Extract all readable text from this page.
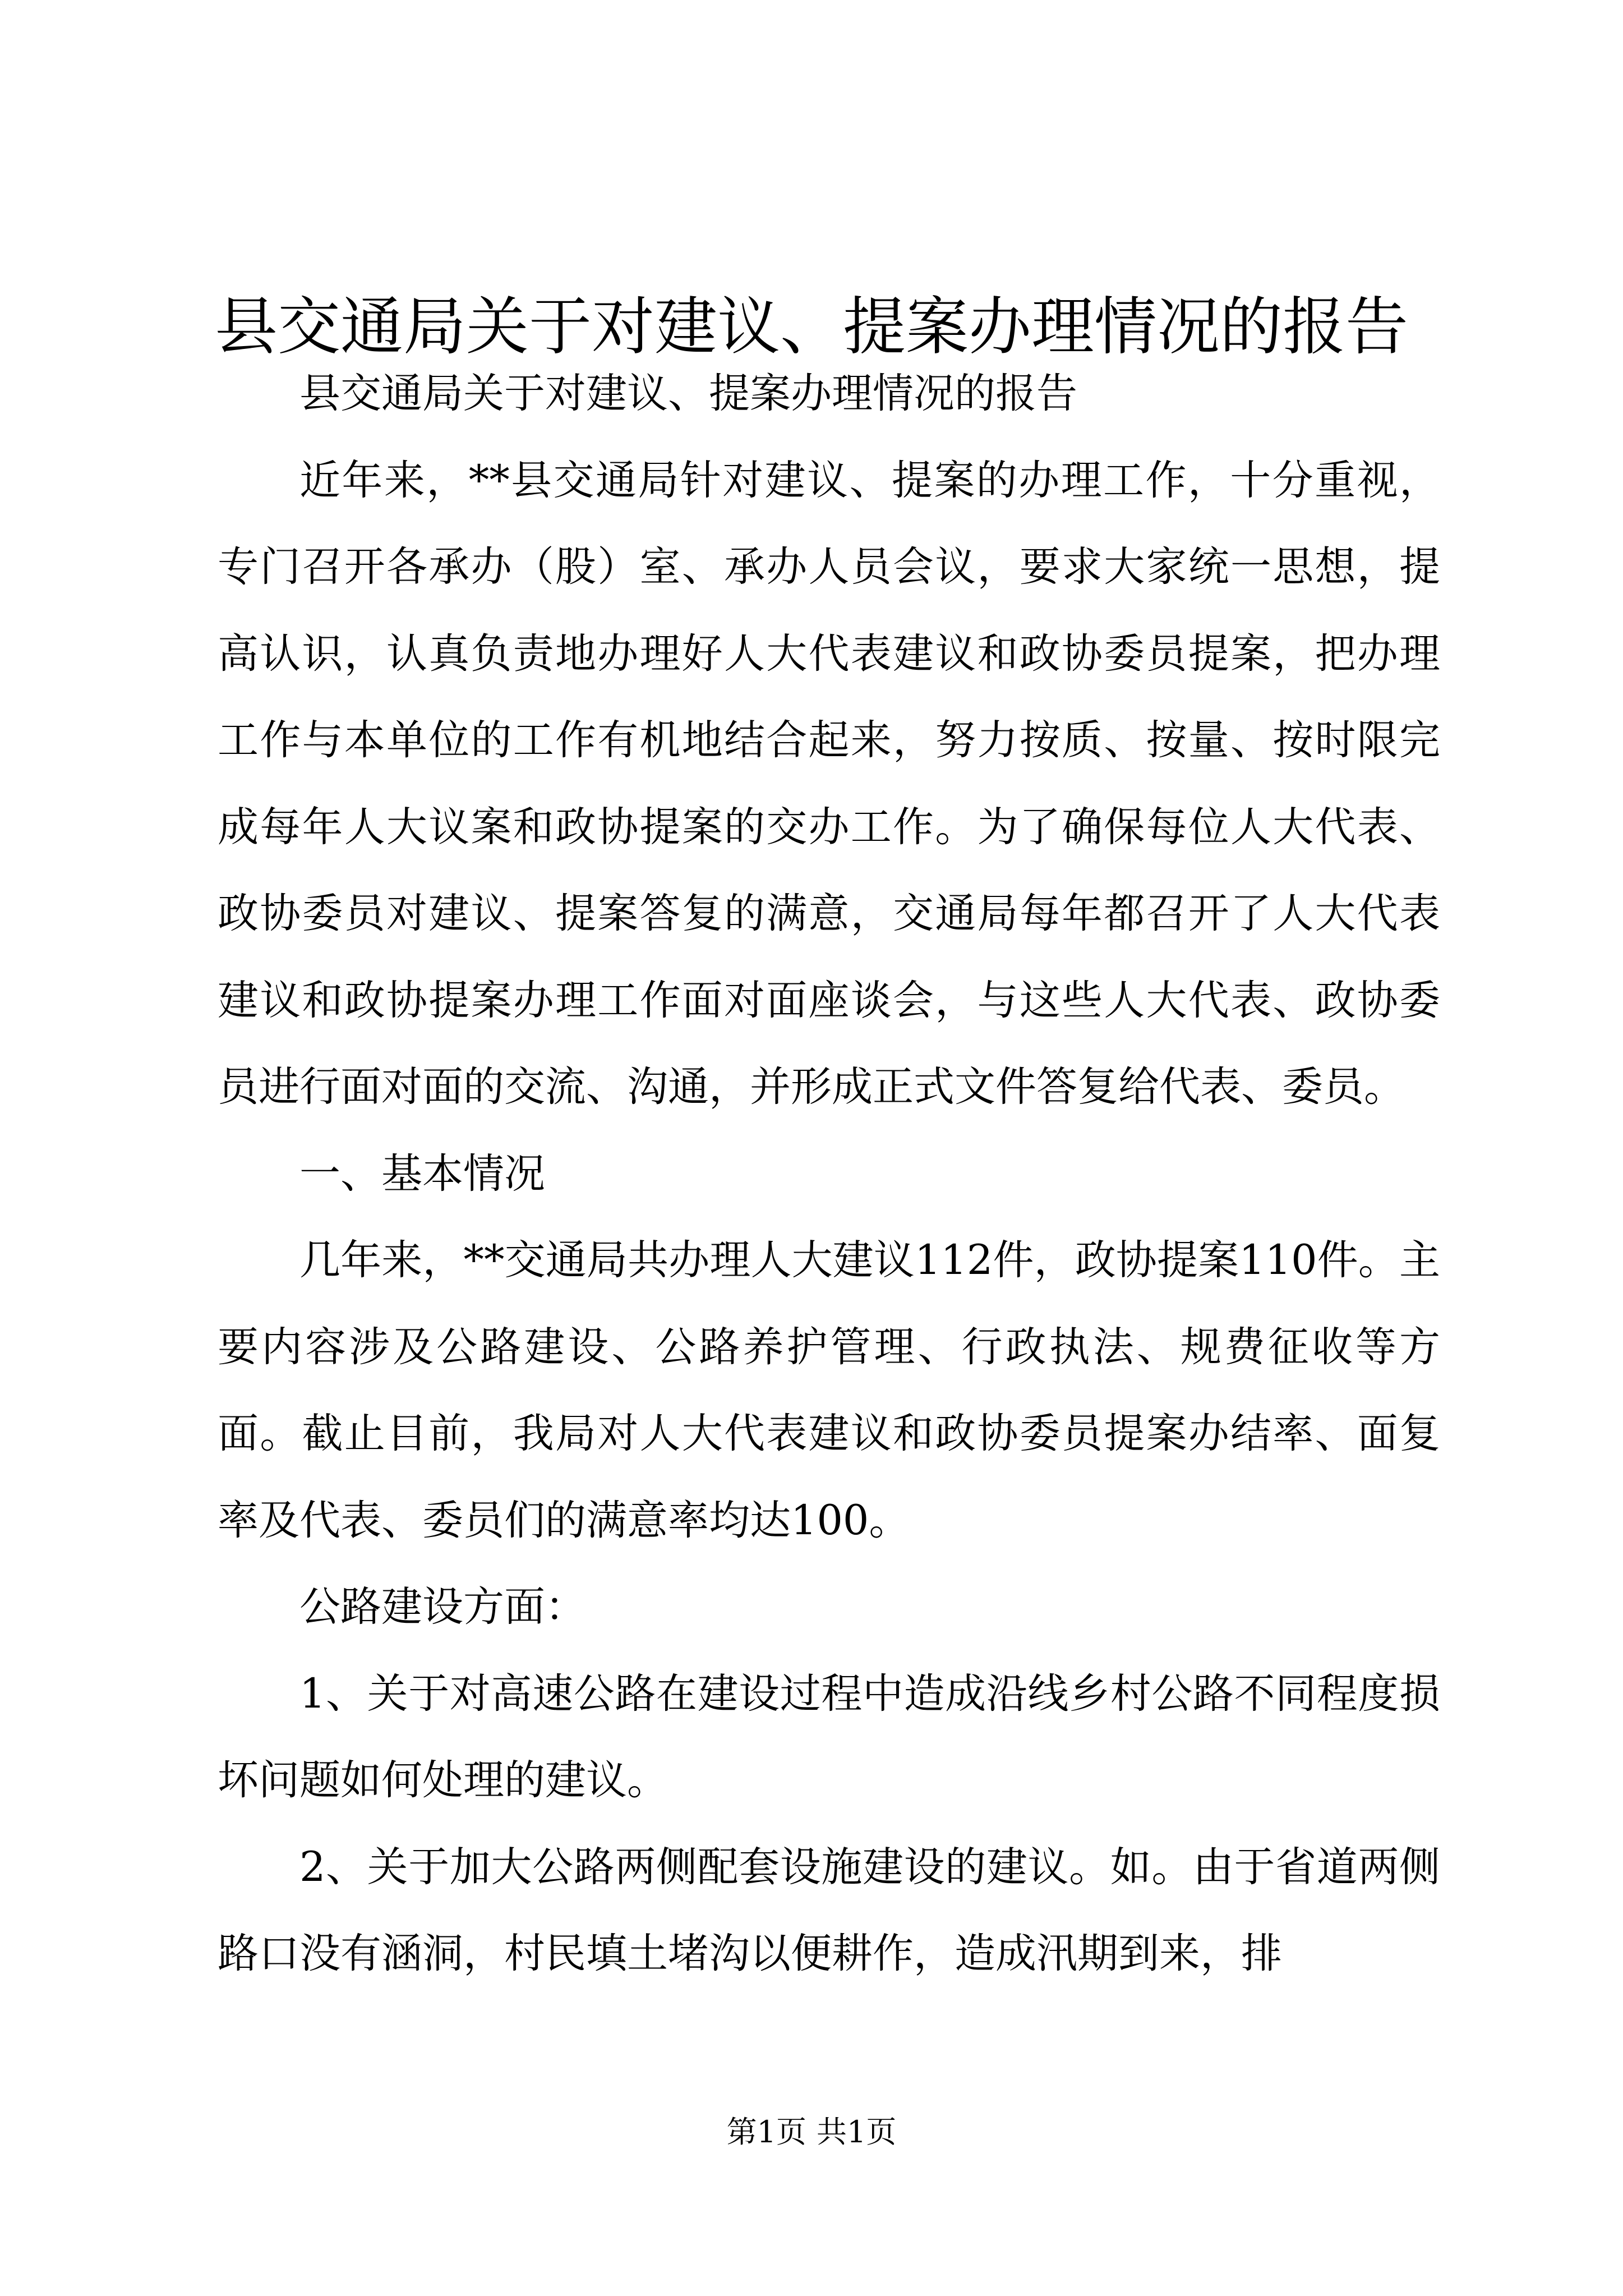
县交通局关于对建议、提案办理情况的报告

县交通局关于对建议、提案办理情况的报告

近年来，**县交通局针对建议、提案的办理工作，十分重视，专门召开各承办（股）室、承办人员会议，要求大家统一思想，提高认识，认真负责地办理好人大代表建议和政协委员提案，把办理工作与本单位的工作有机地结合起来，努力按质、按量、按时限完成每年人大议案和政协提案的交办工作。为了确保每位人大代表、政协委员对建议、提案答复的满意，交通局每年都召开了人大代表建议和政协提案办理工作面对面座谈会，与这些人大代表、政协委员进行面对面的交流、沟通，并形成正式文件答复给代表、委员。

一、基本情况

几年来，**交通局共办理人大建议112件，政协提案110件。主要内容涉及公路建设、公路养护管理、行政执法、规费征收等方面。截止目前，我局对人大代表建议和政协委员提案办结率、面复率及代表、委员们的满意率均达100。

公路建设方面：

1、关于对高速公路在建设过程中造成沿线乡村公路不同程度损坏问题如何处理的建议。

2、关于加大公路两侧配套设施建设的建议。如。由于省道两侧路口没有涵洞，村民填土堵沟以便耕作，造成汛期到来，排

第1页 共1页
